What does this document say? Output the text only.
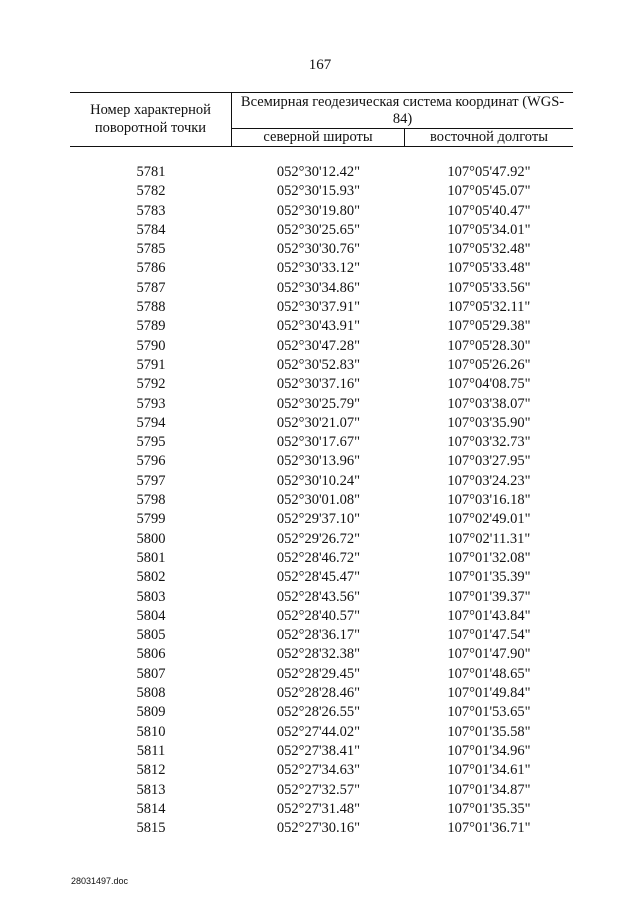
167
Номер характерной поворотной точки
Всемирная геодезическая система координат (WGS-84)
северной широты	восточной долготы
5781	052°30'12.42"	107°05'47.92"
5782	052°30'15.93"	107°05'45.07"
5783	052°30'19.80"	107°05'40.47"
5784	052°30'25.65"	107°05'34.01"
5785	052°30'30.76"	107°05'32.48"
5786	052°30'33.12"	107°05'33.48"
5787	052°30'34.86"	107°05'33.56"
5788	052°30'37.91"	107°05'32.11"
5789	052°30'43.91"	107°05'29.38"
5790	052°30'47.28"	107°05'28.30"
5791	052°30'52.83"	107°05'26.26"
5792	052°30'37.16"	107°04'08.75"
5793	052°30'25.79"	107°03'38.07"
5794	052°30'21.07"	107°03'35.90"
5795	052°30'17.67"	107°03'32.73"
5796	052°30'13.96"	107°03'27.95"
5797	052°30'10.24"	107°03'24.23"
5798	052°30'01.08"	107°03'16.18"
5799	052°29'37.10"	107°02'49.01"
5800	052°29'26.72"	107°02'11.31"
5801	052°28'46.72"	107°01'32.08"
5802	052°28'45.47"	107°01'35.39"
5803	052°28'43.56"	107°01'39.37"
5804	052°28'40.57"	107°01'43.84"
5805	052°28'36.17"	107°01'47.54"
5806	052°28'32.38"	107°01'47.90"
5807	052°28'29.45"	107°01'48.65"
5808	052°28'28.46"	107°01'49.84"
5809	052°28'26.55"	107°01'53.65"
5810	052°27'44.02"	107°01'35.58"
5811	052°27'38.41"	107°01'34.96"
5812	052°27'34.63"	107°01'34.61"
5813	052°27'32.57"	107°01'34.87"
5814	052°27'31.48"	107°01'35.35"
5815	052°27'30.16"	107°01'36.71"
28031497.doc
